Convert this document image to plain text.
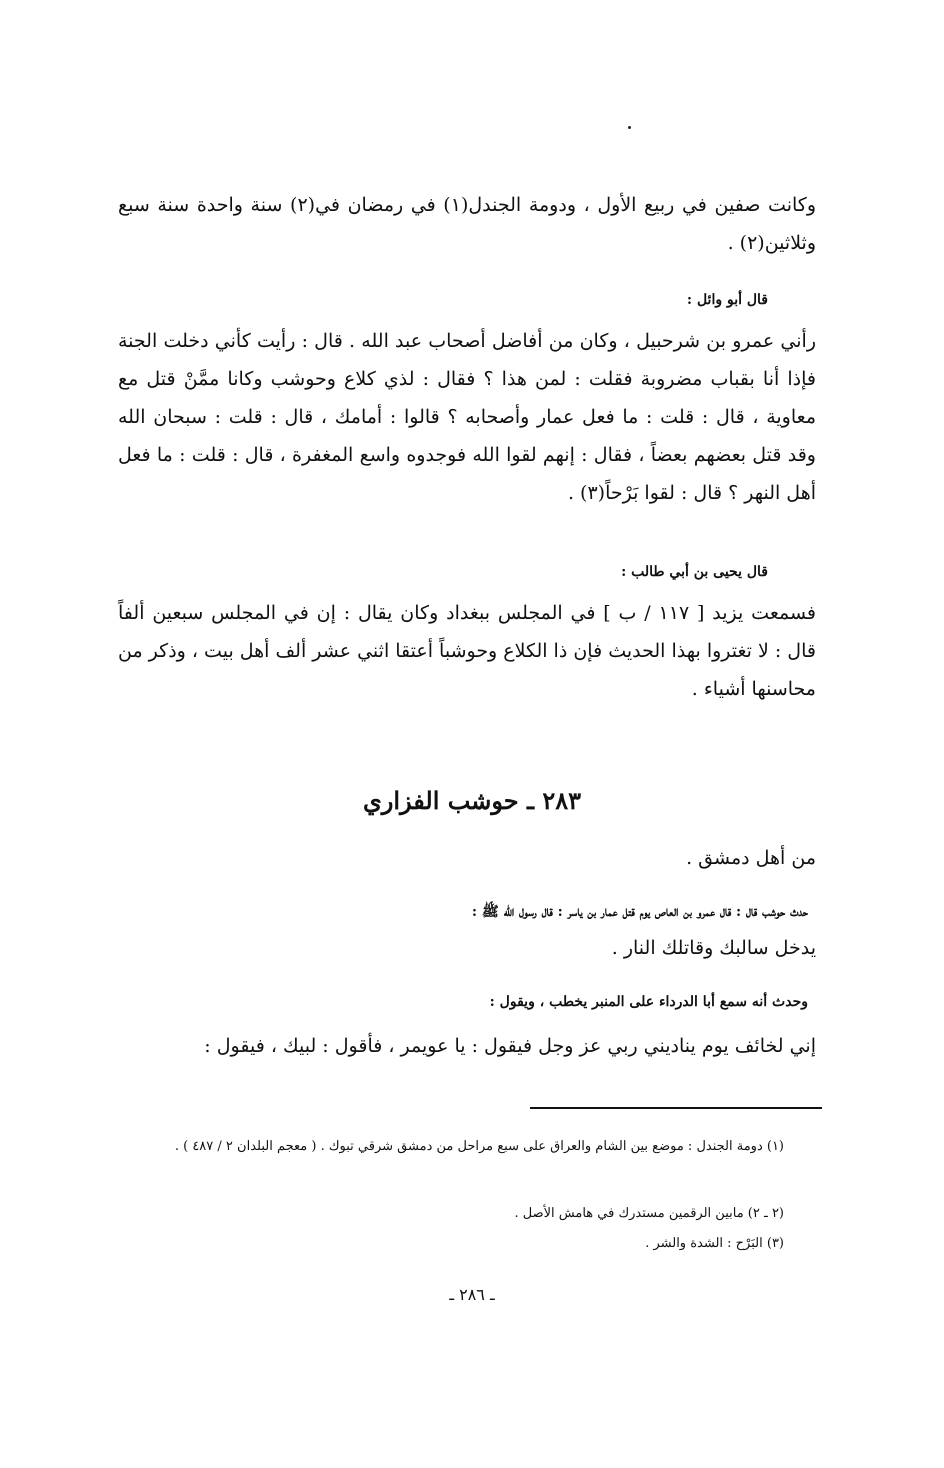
وكانت صفين في ربيع الأول ، ودومة الجندل(١) في رمضان في(٢) سنة واحدة سنة سبع وثلاثين(٢) .

قال أبو وائل :

رأني عمرو بن شرحبيل ، وكان من أفاضل أصحاب عبد الله . قال : رأيت كأني دخلت الجنة فإذا أنا بقباب مضروبة فقلت : لمن هذا ؟ فقال : لذي كلاع وحوشب وكانا ممَّنْ قتل مع معاوية ، قال : قلت : ما فعل عمار وأصحابه ؟ قالوا : أمامك ، قال : قلت : سبحان الله وقد قتل بعضهم بعضاً ، فقال : إنهم لقوا الله فوجدوه واسع المغفرة ، قال : قلت : ما فعل أهل النهر ؟ قال : لقوا بَرْحاً(٣) .

قال يحيى بن أبي طالب :

فسمعت يزيد [ ١١٧ / ب ] في المجلس ببغداد وكان يقال : إن في المجلس سبعين ألفاً قال : لا تغتروا بهذا الحديث فإن ذا الكلاع وحوشباً أعتقا اثني عشر ألف أهل بيت ، وذكر من محاسنها أشياء .

٢٨٣ ـ حوشب الفزاري
من أهل دمشق .
حدث حوشب قال : قال عمرو بن العاص يوم قتل عمار بن ياسر : قال رسول الله ﷺ :
يدخل سالبك وقاتلك النار .
وحدث أنه سمع أبا الدرداء على المنبر يخطب ، ويقول :
إني لخائف يوم يناديني ربي عز وجل فيقول : يا عويمر ، فأقول : لبيك ، فيقول :

(١) دومة الجندل : موضع بين الشام والعراق على سبع مراحل من دمشق شرقي تبوك . ( معجم البلدان ٢ / ٤٨٧ ) .

(٢ ـ ٢) مابين الرقمين مستدرك في هامش الأصل .
(٣) البَرْح : الشدة والشر .
ـ ٢٨٦ ـ
